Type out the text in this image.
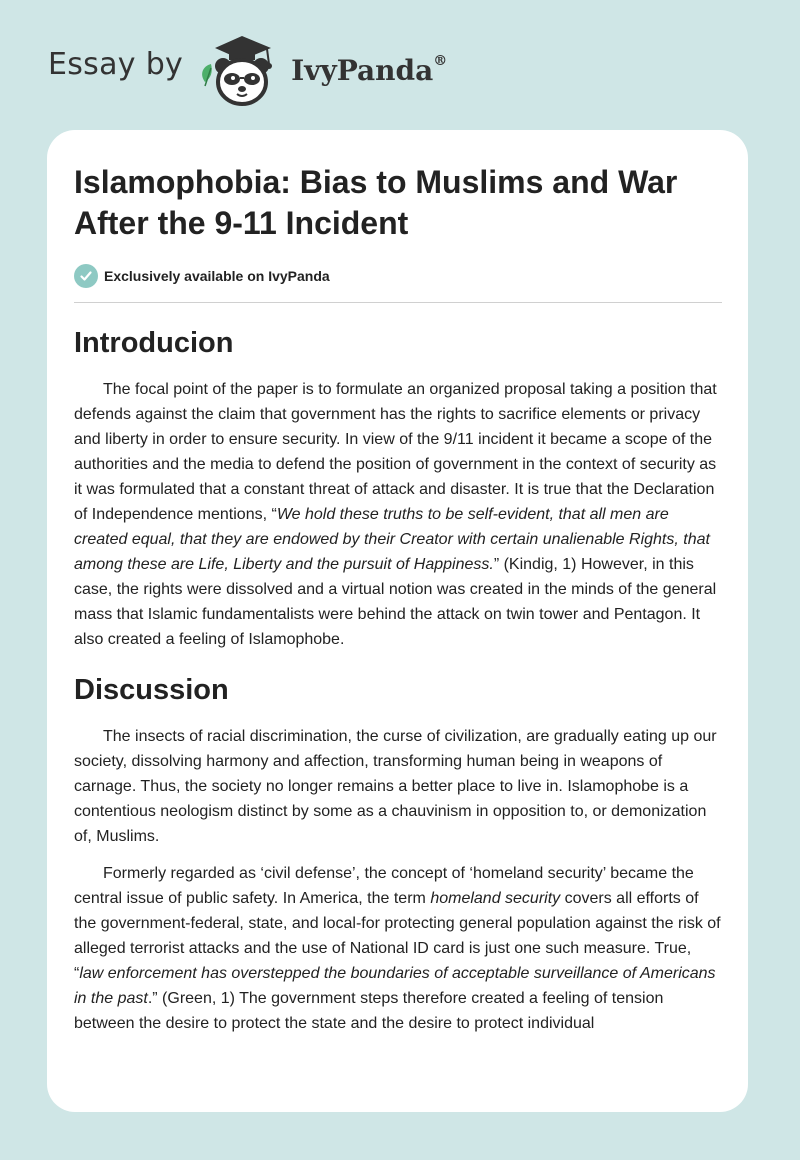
Essay by	IvyPanda®
Islamophobia: Bias to Muslims and War After the 9-11 Incident
Exclusively available on IvyPanda
Introducion

The focal point of the paper is to formulate an organized proposal taking a position that defends against the claim that government has the rights to sacrifice elements or privacy and liberty in order to ensure security. In view of the 9/11 incident it became a scope of the authorities and the media to defend the position of government in the context of security as it was formulated that a constant threat of attack and disaster. It is true that the Declaration of Independence mentions, “We hold these truths to be self-evident, that all men are created equal, that they are endowed by their Creator with certain unalienable Rights, that among these are Life, Liberty and the pursuit of Happiness.” (Kindig, 1) However, in this case, the rights were dissolved and a virtual notion was created in the minds of the general mass that Islamic fundamentalists were behind the attack on twin tower and Pentagon. It also created a feeling of Islamophobe.

Discussion

The insects of racial discrimination, the curse of civilization, are gradually eating up our society, dissolving harmony and affection, transforming human being in weapons of carnage. Thus, the society no longer remains a better place to live in. Islamophobe is a contentious neologism distinct by some as a chauvinism in opposition to, or demonization of, Muslims.

Formerly regarded as ‘civil defense’, the concept of ‘homeland security’ became the central issue of public safety. In America, the term homeland security covers all efforts of the government-federal, state, and local-for protecting general population against the risk of alleged terrorist attacks and the use of National ID card is just one such measure. True, “law enforcement has overstepped the boundaries of acceptable surveillance of Americans in the past.” (Green, 1) The government steps therefore created a feeling of tension between the desire to protect the state and the desire to protect individual
